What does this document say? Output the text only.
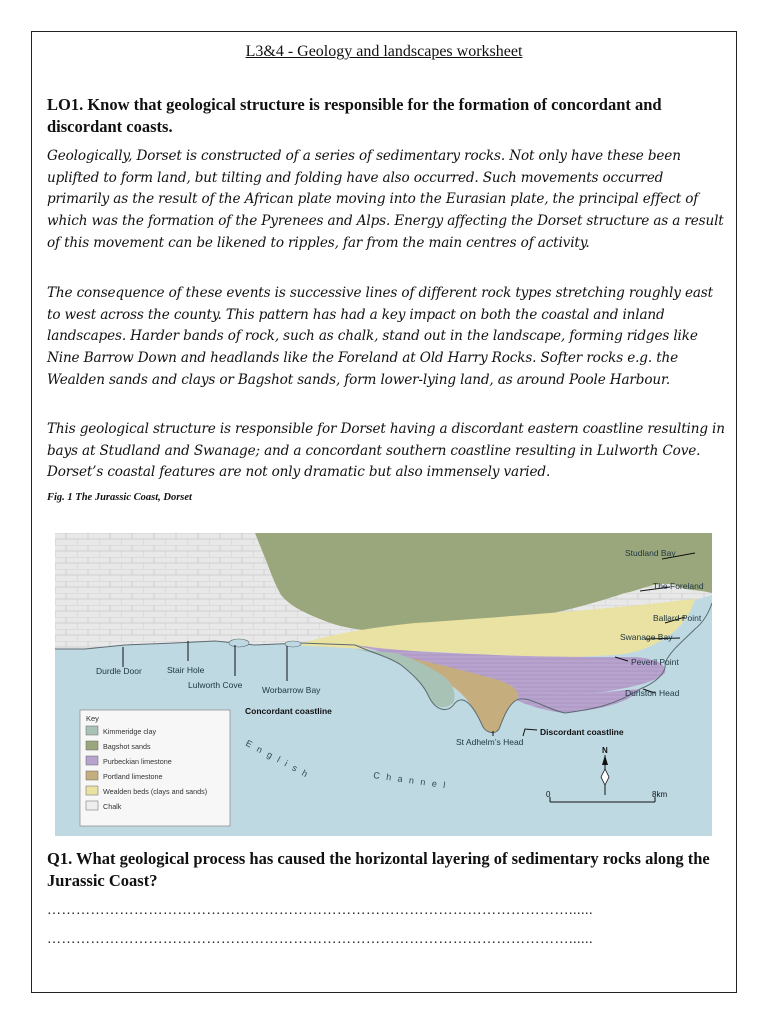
L3&4 - Geology and landscapes worksheet
LO1. Know that geological structure is responsible for the formation of concordant and discordant coasts.
Geologically, Dorset is constructed of a series of sedimentary rocks. Not only have these been uplifted to form land, but tilting and folding have also occurred. Such movements occurred primarily as the result of the African plate moving into the Eurasian plate, the principal effect of which was the formation of the Pyrenees and Alps. Energy affecting the Dorset structure as a result of this movement can be likened to ripples, far from the main centres of activity.
The consequence of these events is successive lines of different rock types stretching roughly east to west across the county. This pattern has had a key impact on both the coastal and inland landscapes. Harder bands of rock, such as chalk, stand out in the landscape, forming ridges like Nine Barrow Down and headlands like the Foreland at Old Harry Rocks. Softer rocks e.g. the Wealden sands and clays or Bagshot sands, form lower-lying land, as around Poole Harbour.
This geological structure is responsible for Dorset having a discordant eastern coastline resulting in bays at Studland and Swanage; and a concordant southern coastline resulting in Lulworth Cove. Dorset’s coastal features are not only dramatic but also immensely varied.
Fig. 1 The Jurassic Coast, Dorset
Studland Bay
The Foreland
Ballard Point
Swanage Bay
Peveril Point
Durlston Head
Durdle Door	Stair Hole
Lulworth Cove Worbarrow Bay
St Adhelm’s Head
Concordant coastline
Discordant coastline
E n g l i s h
C h a n n e l
N
0	8km
Key
Kimmeridge clay
Bagshot sands
Purbeckian limestone
Portland limestone
Wealden beds (clays and sands)
Chalk
Q1. What geological process has caused the horizontal layering of sedimentary rocks along the Jurassic Coast?
………………………………………………………………………………………………......
………………………………………………………………………………………………......
